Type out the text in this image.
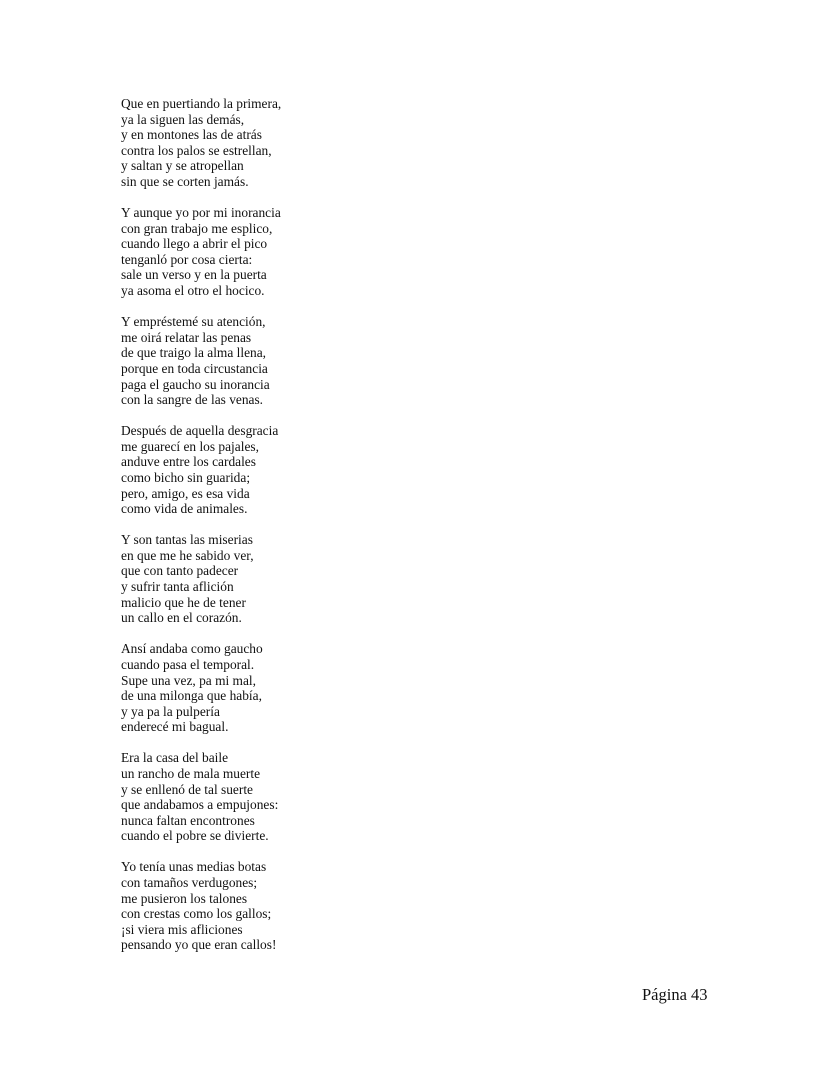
Que en puertiando la primera,
ya la siguen las demás,
y en montones las de atrás
contra los palos se estrellan,
y saltan y se atropellan
sin que se corten jamás.
Y aunque yo por mi inorancia
con gran trabajo me esplico,
cuando llego a abrir el pico
tenganló por cosa cierta:
sale un verso y en la puerta
ya asoma el otro el hocico.
Y empréstemé su atención,
me oirá relatar las penas
de que traigo la alma llena,
porque en toda circustancia
paga el gaucho su inorancia
con la sangre de las venas.
Después de aquella desgracia
me guarecí en los pajales,
anduve entre los cardales
como bicho sin guarida;
pero, amigo, es esa vida
como vida de animales.
Y son tantas las miserias
en que me he sabido ver,
que con tanto padecer
y sufrir tanta aflición
malicio que he de tener
un callo en el corazón.
Ansí andaba como gaucho
cuando pasa el temporal.
Supe una vez, pa mi mal,
de una milonga que había,
y ya pa la pulpería
enderecé mi bagual.
Era la casa del baile
un rancho de mala muerte
y se enllenó de tal suerte
que andabamos a empujones:
nunca faltan encontrones
cuando el pobre se divierte.
Yo tenía unas medias botas
con tamaños verdugones;
me pusieron los talones
con crestas como los gallos;
¡si viera mis afliciones
pensando yo que eran callos!
Página 43
